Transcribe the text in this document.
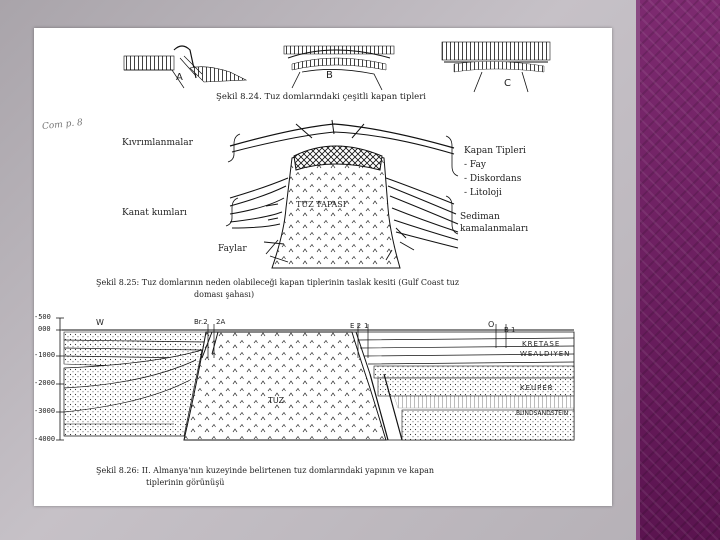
A	B
C
Şekil 8.24. Tuz domlarındaki çeşitli kapan tipleri
Com p. 8
Kıvrımlanmalar
Kanat kumları
Faylar
TUZ TAPASI
Kapan Tipleri
- Fay
- Diskordans
- Litoloji
Sediman
kamalanmaları
Şekil 8.25: Tuz domlarının neden olabileceği kapan tiplerinin taslak kesiti (Gulf Coast tuz
doması şahası)
-500
000
-1000
-2000
-3000
-4000
W	Br.2 2A	E 2 1	O
B 1
KRETASE
WEALDIYEN
KEUPER
BUNDSANDSTEIN
TUZ
Şekil 8.26: II. Almanya'nın kuzeyinde belirtenen tuz domlarındaki yapının ve kapan
tiplerinin görünüşü
